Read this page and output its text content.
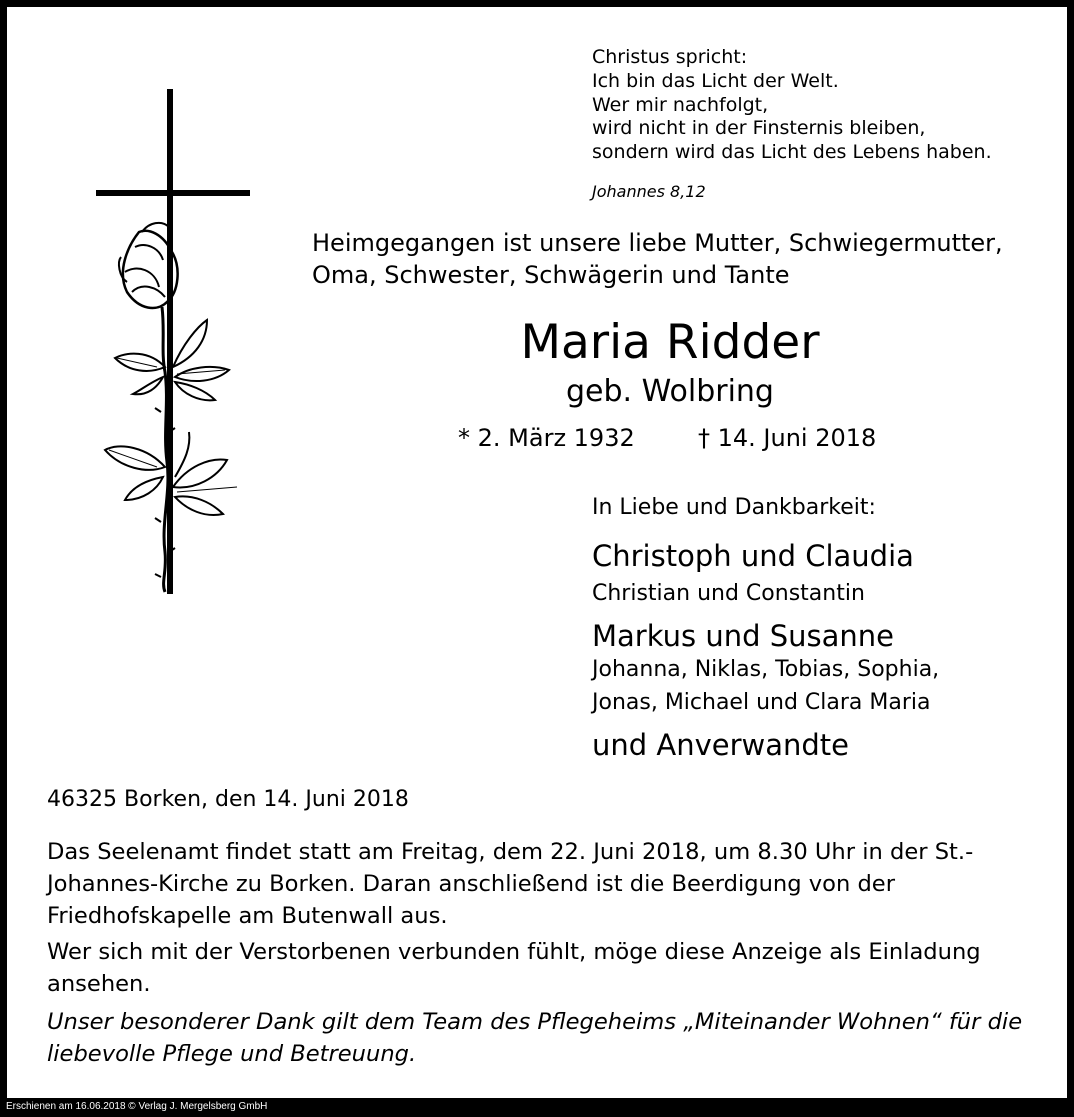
Christus spricht:
Ich bin das Licht der Welt.
Wer mir nachfolgt,
wird nicht in der Finsternis bleiben,
sondern wird das Licht des Lebens haben.
Johannes 8,12
Heimgegangen ist unsere liebe Mutter, Schwiegermutter,
Oma, Schwester, Schwägerin und Tante
Maria Ridder
geb. Wolbring
* 2. März 1932	† 14. Juni 2018
In Liebe und Dankbarkeit:
Christoph und Claudia
Christian und Constantin
Markus und Susanne
Johanna, Niklas, Tobias, Sophia,
Jonas, Michael und Clara Maria
und Anverwandte
46325 Borken, den 14. Juni 2018
Das Seelenamt findet statt am Freitag, dem 22. Juni 2018, um 8.30 Uhr in der St.-Johannes-Kirche zu Borken. Daran anschließend ist die Beerdigung von der Friedhofskapelle am Butenwall aus.
Wer sich mit der Verstorbenen verbunden fühlt, möge diese Anzeige als Einladung ansehen.
Unser besonderer Dank gilt dem Team des Pflegeheims „Miteinander Wohnen“ für die liebevolle Pflege und Betreuung.
Erschienen am 16.06.2018 © Verlag J. Mergelsberg GmbH
